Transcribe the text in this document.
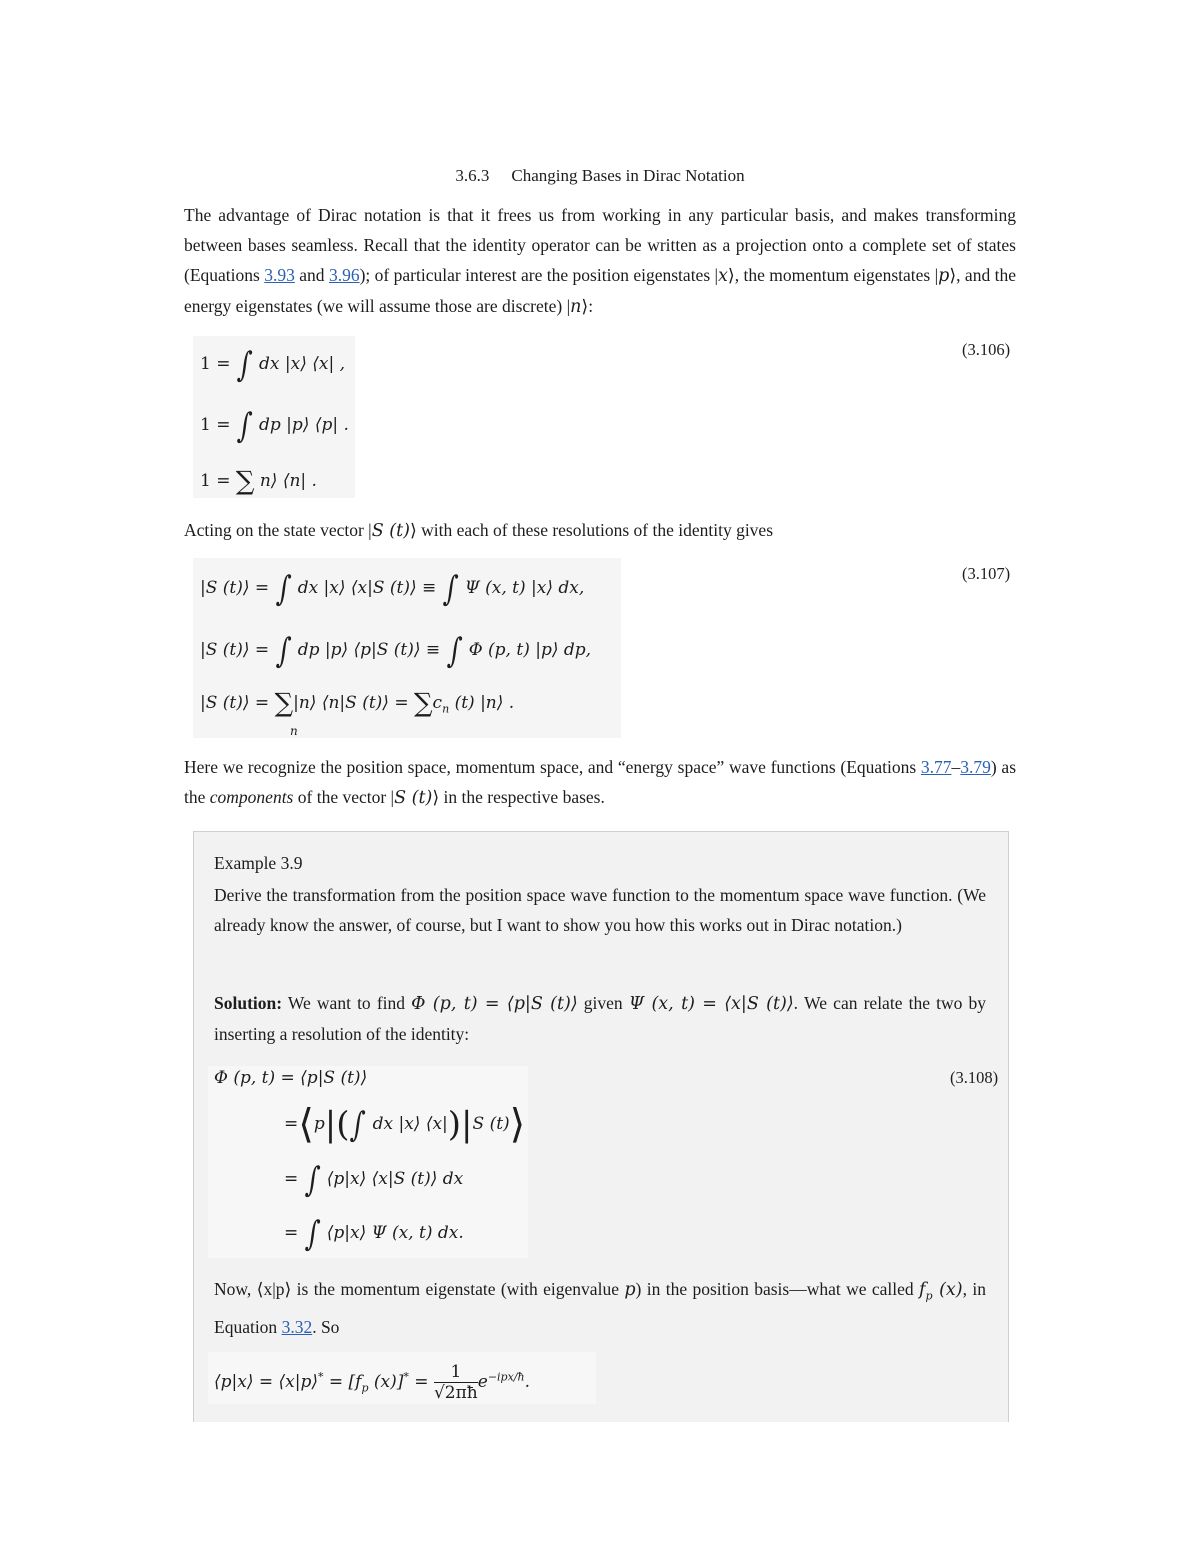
3.6.3 Changing Bases in Dirac Notation
The advantage of Dirac notation is that it frees us from working in any particular basis, and makes transforming between bases seamless. Recall that the identity operator can be written as a projection onto a complete set of states (Equations 3.93 and 3.96); of particular interest are the position eigenstates |x⟩, the momentum eigenstates |p⟩, and the energy eigenstates (we will assume those are discrete) |n⟩:
1 = ∫ dx |x⟩ ⟨x| ,
1 = ∫ dp |p⟩ ⟨p| .
1 = ∑ n⟩ ⟨n| .
(3.106)
Acting on the state vector |S (t)⟩ with each of these resolutions of the identity gives
|S (t)⟩ = ∫ dx |x⟩ ⟨x|S (t)⟩ ≡ ∫ Ψ (x, t) |x⟩ dx,
|S (t)⟩ = ∫ dp |p⟩ ⟨p|S (t)⟩ ≡ ∫ Φ (p, t) |p⟩ dp,
|S (t)⟩ = ∑|n⟩ ⟨n|S (t)⟩ = $\sum c_n$ (t) |n⟩ .
n
(3.107)
Here we recognize the position space, momentum space, and “energy space” wave functions (Equations 3.77–3.79) as the components of the vector |S (t)⟩ in the respective bases.
Example 3.9
Derive the transformation from the position space wave function to the momentum space wave function. (We already know the answer, of course, but I want to show you how this works out in Dirac notation.)
Solution: We want to find Φ (p, t) = ⟨p|S (t)⟩ given Ψ (x, t) = ⟨x|S (t)⟩. We can relate the two by inserting a resolution of the identity:
Φ (p, t) = ⟨p|S (t)⟩
=⟨p|(∫ dx |x⟩ ⟨x|)|S (t)⟩
= ∫ ⟨p|x⟩ ⟨x|S (t)⟩ dx
= ∫ ⟨p|x⟩ Ψ (x, t) dx.
(3.108)
Now, ⟨x|p⟩ is the momentum eigenstate (with eigenvalue p) in the position basis—what we called $f_p$ (x), in Equation 3.32. So
⟨p|x⟩ = ⟨x|p⟩* = [$f_p$ $(x)]^* = \frac{1}{√2\pi ħ} e^{-ipx/ħ}$.
